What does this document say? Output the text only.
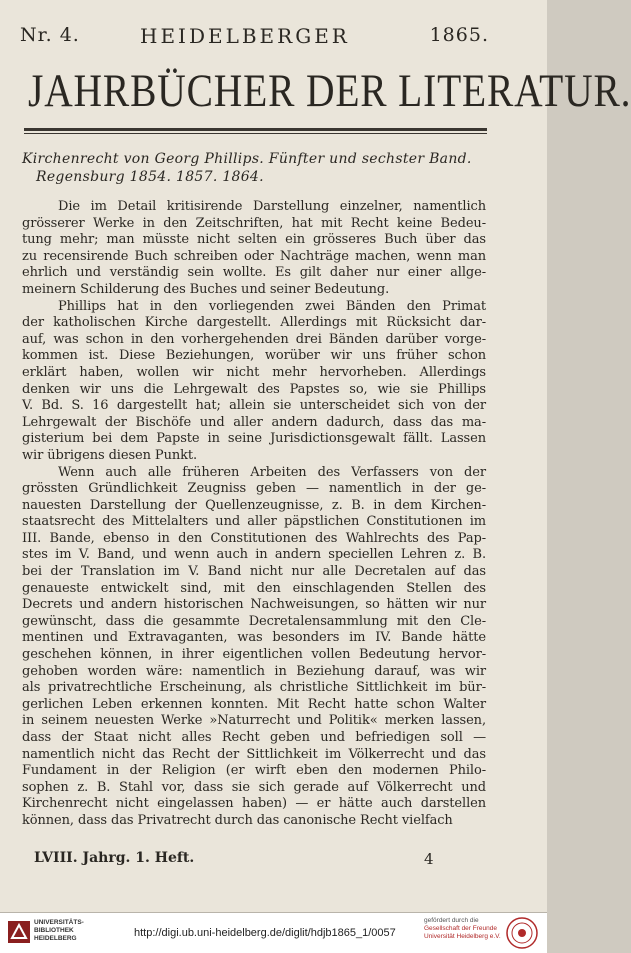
Nr. 4.	HEIDELBERGER	1865.
JAHRBÜCHER DER LITERATUR.
Kirchenrecht von Georg Phillips. Fünfter und sechster Band.
Regensburg 1854. 1857. 1864.
Die im Detail kritisirende Darstellung einzelner, namentlich
grösserer Werke in den Zeitschriften, hat mit Recht keine Bedeu-
tung mehr; man müsste nicht selten ein grösseres Buch über das
zu recensirende Buch schreiben oder Nachträge machen, wenn man
ehrlich und verständig sein wollte. Es gilt daher nur einer allge-
meinern Schilderung des Buches und seiner Bedeutung.
Phillips hat in den vorliegenden zwei Bänden den Primat
der katholischen Kirche dargestellt. Allerdings mit Rücksicht dar-
auf, was schon in den vorhergehenden drei Bänden darüber vorge-
kommen ist. Diese Beziehungen, worüber wir uns früher schon
erklärt haben, wollen wir nicht mehr hervorheben. Allerdings
denken wir uns die Lehrgewalt des Papstes so, wie sie Phillips
V. Bd. S. 16 dargestellt hat; allein sie unterscheidet sich von der
Lehrgewalt der Bischöfe und aller andern dadurch, dass das ma-
gisterium bei dem Papste in seine Jurisdictionsgewalt fällt. Lassen
wir übrigens diesen Punkt.
Wenn auch alle früheren Arbeiten des Verfassers von der
grössten Gründlichkeit Zeugniss geben — namentlich in der ge-
nauesten Darstellung der Quellenzeugnisse, z. B. in dem Kirchen-
staatsrecht des Mittelalters und aller päpstlichen Constitutionen im
III. Bande, ebenso in den Constitutionen des Wahlrechts des Pap-
stes im V. Band, und wenn auch in andern speciellen Lehren z. B.
bei der Translation im V. Band nicht nur alle Decretalen auf das
genaueste entwickelt sind, mit den einschlagenden Stellen des
Decrets und andern historischen Nachweisungen, so hätten wir nur
gewünscht, dass die gesammte Decretalensammlung mit den Cle-
mentinen und Extravaganten, was besonders im IV. Bande hätte
geschehen können, in ihrer eigentlichen vollen Bedeutung hervor-
gehoben worden wäre: namentlich in Beziehung darauf, was wir
als privatrechtliche Erscheinung, als christliche Sittlichkeit im bür-
gerlichen Leben erkennen konnten. Mit Recht hatte schon Walter
in seinem neuesten Werke »Naturrecht und Politik« merken lassen,
dass der Staat nicht alles Recht geben und befriedigen soll —
namentlich nicht das Recht der Sittlichkeit im Völkerrecht und das
Fundament in der Religion (er wirft eben den modernen Philo-
sophen z. B. Stahl vor, dass sie sich gerade auf Völkerrecht und
Kirchenrecht nicht eingelassen haben) — er hätte auch darstellen
können, dass das Privatrecht durch das canonische Recht vielfach
LVIII. Jahrg. 1. Heft.	4
UNIVERSITÄTS-
BIBLIOTHEK
HEIDELBERG	http://digi.ub.uni-heidelberg.de/diglit/hdjb1865_1/0057
gefördert durch die
Gesellschaft der Freunde
Universität Heidelberg e.V.
